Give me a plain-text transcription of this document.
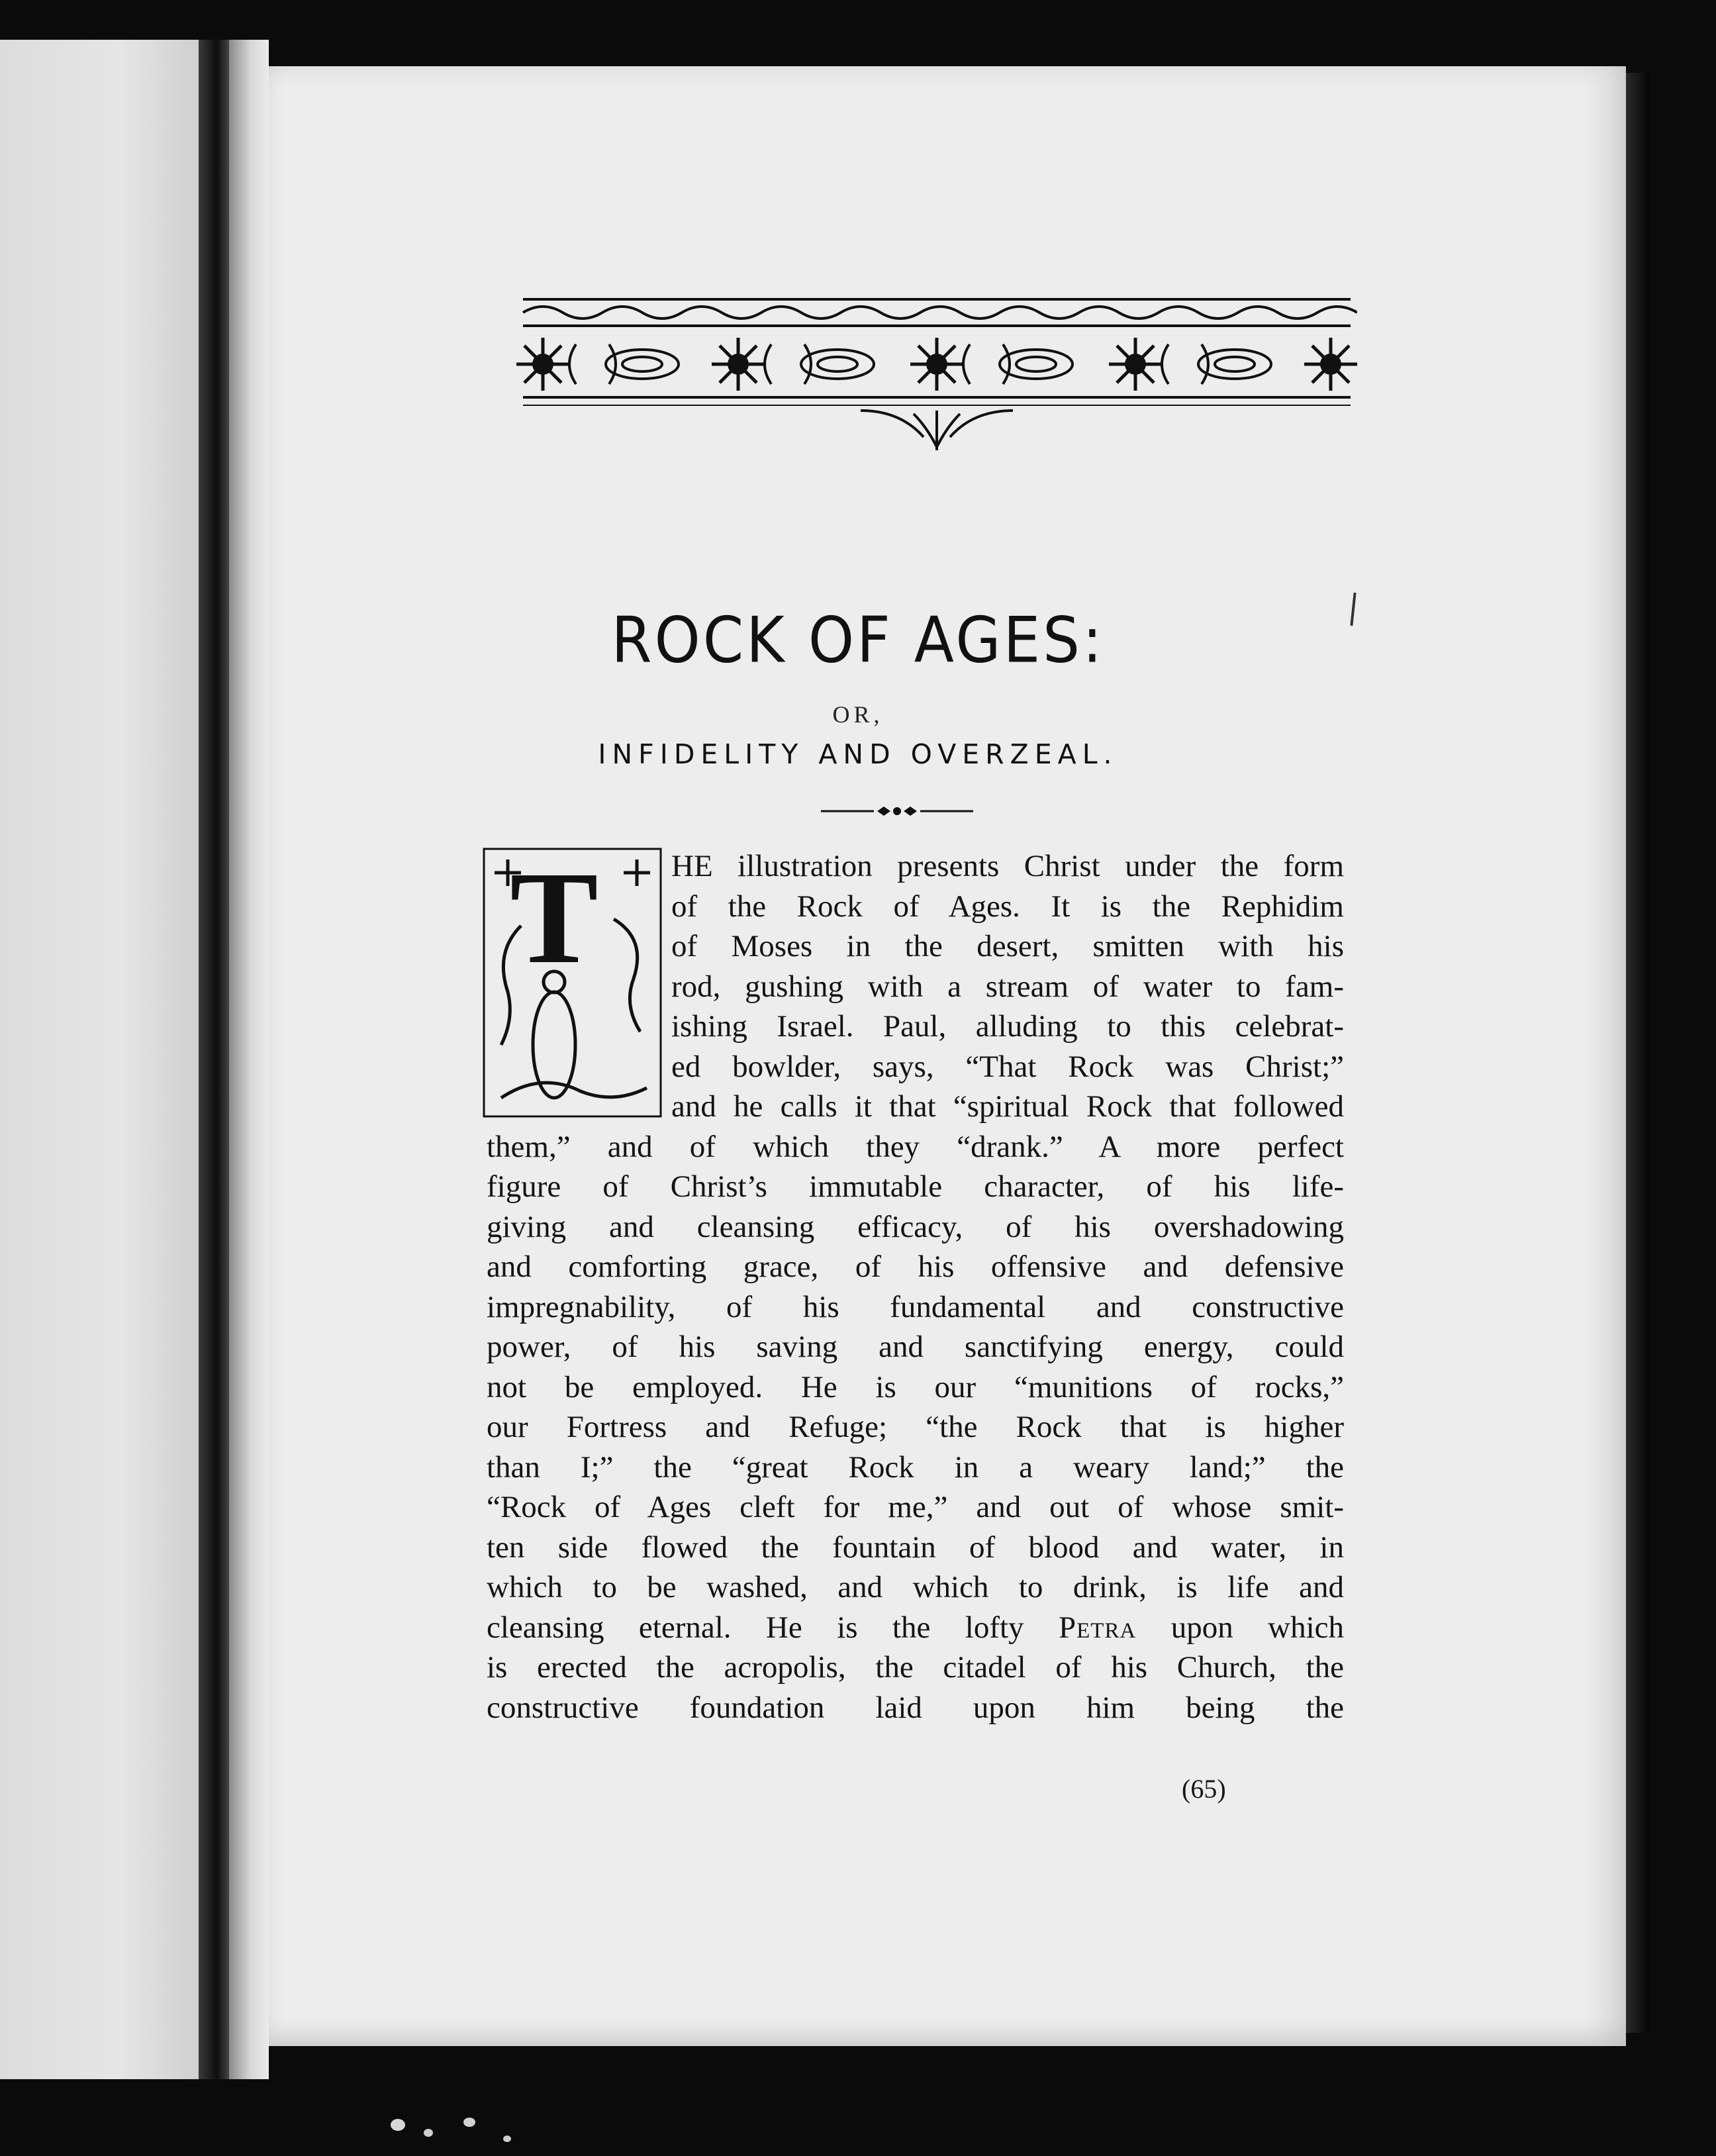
ROCK OF AGES:
OR,
INFIDELITY AND OVERZEAL.
T	HE illustration presents Christ under the form
of the Rock of Ages. It is the Rephidim
of Moses in the desert, smitten with his
rod, gushing with a stream of water to fam-
ishing Israel. Paul, alluding to this celebrat-
ed bowlder, says, “That Rock was Christ;”
and he calls it that “spiritual Rock that followed
them,” and of which they “drank.” A more perfect
figure of Christ’s immutable character, of his life-
giving and cleansing efficacy, of his overshadowing
and comforting grace, of his offensive and defensive
impregnability, of his fundamental and constructive
power, of his saving and sanctifying energy, could
not be employed. He is our “munitions of rocks,”
our Fortress and Refuge; “the Rock that is higher
than I;” the “great Rock in a weary land;” the
“Rock of Ages cleft for me,” and out of whose smit-
ten side flowed the fountain of blood and water, in
which to be washed, and which to drink, is life and
cleansing eternal. He is the lofty Petra upon which
is erected the acropolis, the citadel of his Church, the
constructive foundation laid upon him being the
(65)
